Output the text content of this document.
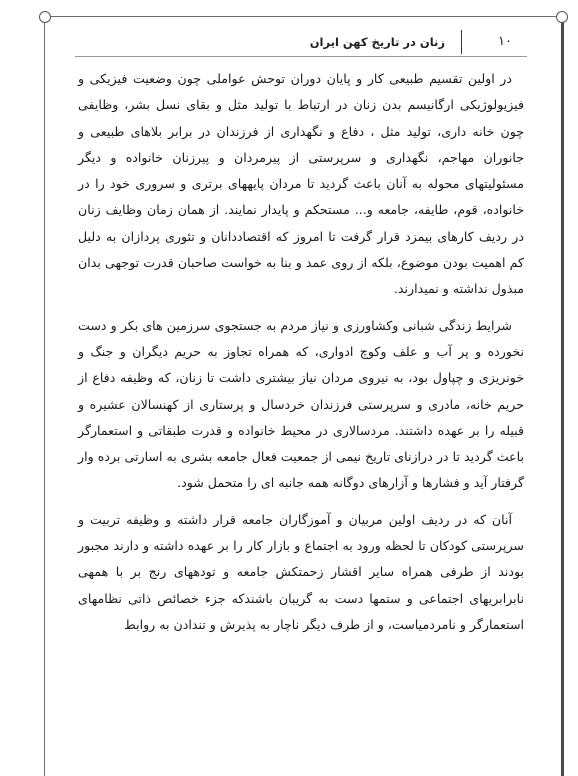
۱۰
زنان در تاریخ کهن ایران

در اولین تقسیم طبیعی کار و پایان دوران توحش عواملی چون وضعیت فیزیکی و فیزیولوژیکی ارگانیسم بدن زنان در ارتباط با تولید مثل و بقای نسل بشر، وظایفی چون خانه داری، تولید مثل ، دفاع و نگهداری از فرزندان در برابر بلاهای طبیعی و جانوران مهاجم، نگهداری و سرپرستی از پیرمردان و پیرزنان خانواده و دیگر مسئولیتهای محوله به آنان باعث گردید تا مردان پایههای برتری و سروری خود را در خانواده، قوم، طایفه، جامعه و... مستحکم و پایدار نمایند. از همان زمان وظایف زنان در ردیف کارهای بیمزد قرار گرفت تا امروز که اقتصاددانان و تئوری پردازان به دلیل کم اهمیت بودن موضوع، بلکه از روی عمد و بنا به خواست صاحبان قدرت توجهی بدان مبذول نداشته و نمیدارند.

شرایط زندگی شبانی وکشاورزی و نیاز مردم به جستجوی سرزمین های بکر و دست نخورده و پر آب و علف وکوچ ادواری، که همراه تجاوز به حریم دیگران و جنگ و خونریزی و چپاول بود، به نیروی مردان نیاز بیشتری داشت تا زنان، که وظیفه دفاع از حریم خانه، مادری و سرپرستی فرزندان خردسال و پرستاری از کهنسالان عشیره و قبیله را بر عهده داشتند. مردسالاری در محیط خانواده و قدرت طبقاتی و استعمارگر باعث گردید تا در درازنای تاریخ نیمی از جمعیت فعال جامعه بشری به اسارتی برده وار گرفتار آید و فشارها و آزارهای دوگانه همه جانبه ای را متحمل شود.

آنان که در ردیف اولین مربیان و آموزگاران جامعه قرار داشته و وظیفه تربیت و سرپرستی کودکان تا لحظه ورود به اجتماع و بازار کار را بر عهده داشته و دارند مجبور بودند از طرفی همراه سایر اقشار زحمتکش جامعه و تودههای رنج بر با همهی نابرابریهای اجتماعی و ستمها دست به گریبان باشندکه جزء خصائص ذاتی نظامهای استعمارگر و نامردمیاست، و از طرف دیگر ناچار به پذیرش و تندادن به روابط
